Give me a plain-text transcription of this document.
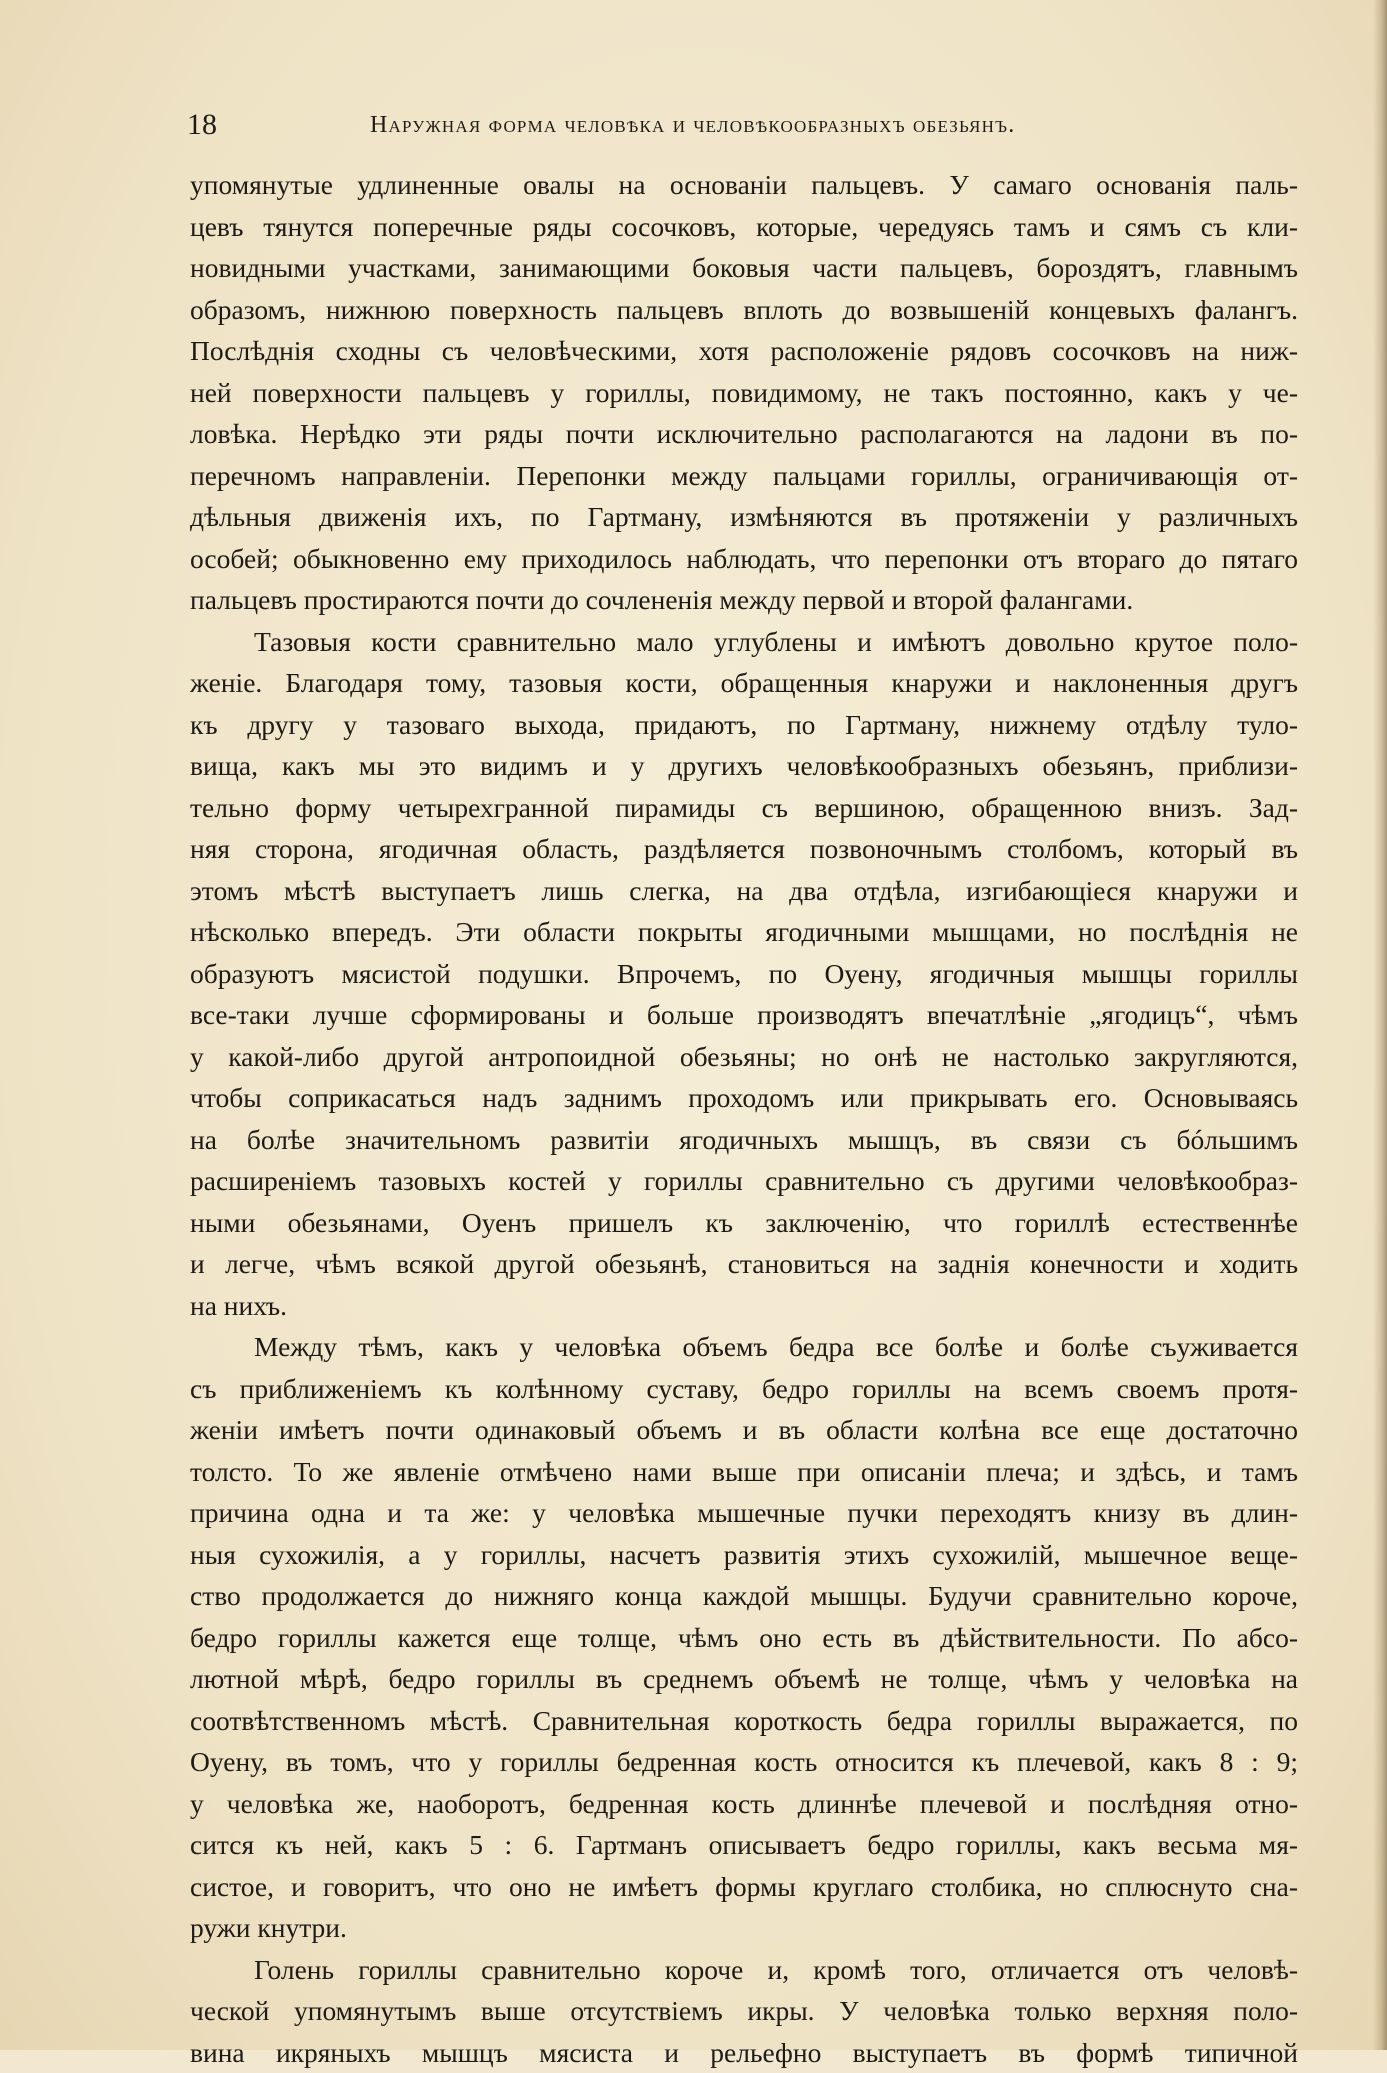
18	Наружная форма человѣка и человѣкообразныхъ обезьянъ.
упомянутые удлиненные овалы на основаніи пальцевъ. У самаго основанія паль-
цевъ тянутся поперечные ряды сосочковъ, которые, чередуясь тамъ и сямъ съ кли-
новидными участками, занимающими боковыя части пальцевъ, бороздятъ, главнымъ
образомъ, нижнюю поверхность пальцевъ вплоть до возвышеній концевыхъ фалангъ.
Послѣднія сходны съ человѣческими, хотя расположеніе рядовъ сосочковъ на ниж-
ней поверхности пальцевъ у гориллы, повидимому, не такъ постоянно, какъ у че-
ловѣка. Нерѣдко эти ряды почти исключительно располагаются на ладони въ по-
перечномъ направленіи. Перепонки между пальцами гориллы, ограничивающія от-
дѣльныя движенія ихъ, по Гартману, измѣняются въ протяженіи у различныхъ
особей; обыкновенно ему приходилось наблюдать, что перепонки отъ втораго до пятаго
пальцевъ простираются почти до сочлененія между первой и второй фалангами.
Тазовыя кости сравнительно мало углублены и имѣютъ довольно крутое поло-
женіе. Благодаря тому, тазовыя кости, обращенныя кнаружи и наклоненныя другъ
къ другу у тазоваго выхода, придаютъ, по Гартману, нижнему отдѣлу туло-
вища, какъ мы это видимъ и у другихъ человѣкообразныхъ обезьянъ, приблизи-
тельно форму четырехгранной пирамиды съ вершиною, обращенною внизъ. Зад-
няя сторона, ягодичная область, раздѣляется позвоночнымъ столбомъ, который въ
этомъ мѣстѣ выступаетъ лишь слегка, на два отдѣла, изгибающіеся кнаружи и
нѣсколько впередъ. Эти области покрыты ягодичными мышцами, но послѣднія не
образуютъ мясистой подушки. Впрочемъ, по Оуену, ягодичныя мышцы гориллы
все-таки лучше сформированы и больше производятъ впечатлѣніе „ягодицъ“, чѣмъ
у какой-либо другой антропоидной обезьяны; но онѣ не настолько закругляются,
чтобы соприкасаться надъ заднимъ проходомъ или прикрывать его. Основываясь
на болѣе значительномъ развитіи ягодичныхъ мышцъ, въ связи съ бóльшимъ
расширеніемъ тазовыхъ костей у гориллы сравнительно съ другими человѣкообраз-
ными обезьянами, Оуенъ пришелъ къ заключенію, что гориллѣ естественнѣе
и легче, чѣмъ всякой другой обезьянѣ, становиться на заднія конечности и ходить
на нихъ.
Между тѣмъ, какъ у человѣка объемъ бедра все болѣе и болѣе съуживается
съ приближеніемъ къ колѣнному суставу, бедро гориллы на всемъ своемъ протя-
женіи имѣетъ почти одинаковый объемъ и въ области колѣна все еще достаточно
толсто. То же явленіе отмѣчено нами выше при описаніи плеча; и здѣсь, и тамъ
причина одна и та же: у человѣка мышечные пучки переходятъ книзу въ длин-
ныя сухожилія, а у гориллы, насчетъ развитія этихъ сухожилій, мышечное веще-
ство продолжается до нижняго конца каждой мышцы. Будучи сравнительно короче,
бедро гориллы кажется еще толще, чѣмъ оно есть въ дѣйствительности. По абсо-
лютной мѣрѣ, бедро гориллы въ среднемъ объемѣ не толще, чѣмъ у человѣка на
соотвѣтственномъ мѣстѣ. Сравнительная короткость бедра гориллы выражается, по
Оуену, въ томъ, что у гориллы бедренная кость относится къ плечевой, какъ 8 : 9;
у человѣка же, наоборотъ, бедренная кость длиннѣе плечевой и послѣдняя отно-
сится къ ней, какъ 5 : 6. Гартманъ описываетъ бедро гориллы, какъ весьма мя-
систое, и говоритъ, что оно не имѣетъ формы круглаго столбика, но сплюснуто сна-
ружи кнутри.
Голень гориллы сравнительно короче и, кромѣ того, отличается отъ человѣ-
ческой упомянутымъ выше отсутствіемъ икры. У человѣка только верхняя поло-
вина икряныхъ мышцъ мясиста и рельефно выступаетъ въ формѣ типичной
